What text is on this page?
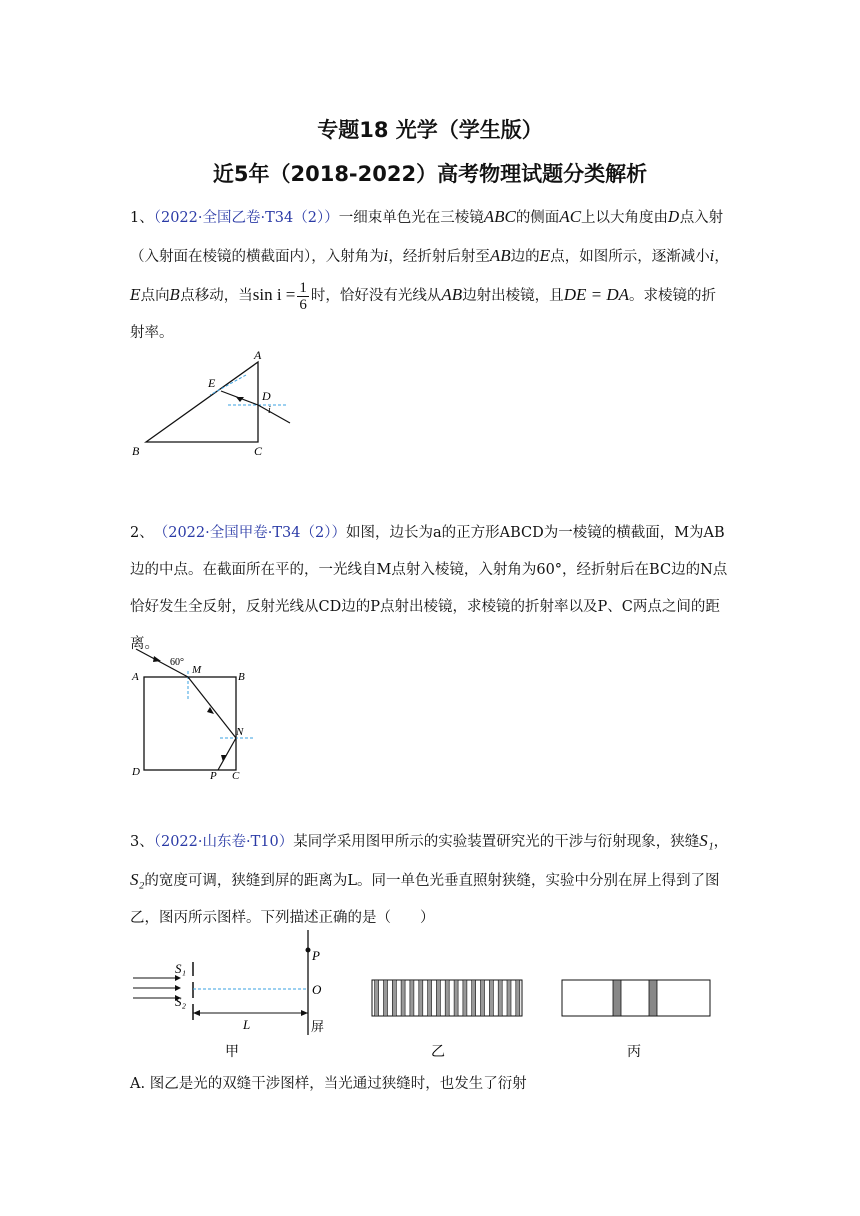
专题18 光学（学生版）
近5年（2018-2022）高考物理试题分类解析
1、（2022·全国乙卷·T34（2））一细束单色光在三棱镜ABC的侧面AC上以大角度由D点入射（入射面在棱镜的横截面内），入射角为i，经折射后射至AB边的E点，如图所示，逐渐减小i，E点向B点移动，当$\sin i = \frac{1}{6}$ 时，恰好没有光线从AB边射出棱镜，且DE = DA。求棱镜的折射率。
A
B	C
D
E
i
2、　 （2022·全国甲卷·T34（2））如图，边长为a的正方形ABCD为一棱镜的横截面，M为AB边的中点。在截面所在平的，一光线自M点射入棱镜，入射角为60°，经折射后在BC边的N点恰好发生全反射，反射光线从CD边的P点射出棱镜，求棱镜的折射率以及P、C两点之间的距离。
60°
A	B
D	C
M
N
P
3、（2022·山东卷·T10）某同学采用图甲所示的实验装置研究光的干涉与衍射现象，狭缝S₁，S₂的宽度可调，狭缝到屏的距离为L。同一单色光垂直照射狭缝，实验中分别在屏上得到了图乙，图丙所示图样。下列描述正确的是（　　）
S₁
S₂
P
O
L	屏
甲	乙	丙
A. 图乙是光的双缝干涉图样，当光通过狭缝时，也发生了衍射
